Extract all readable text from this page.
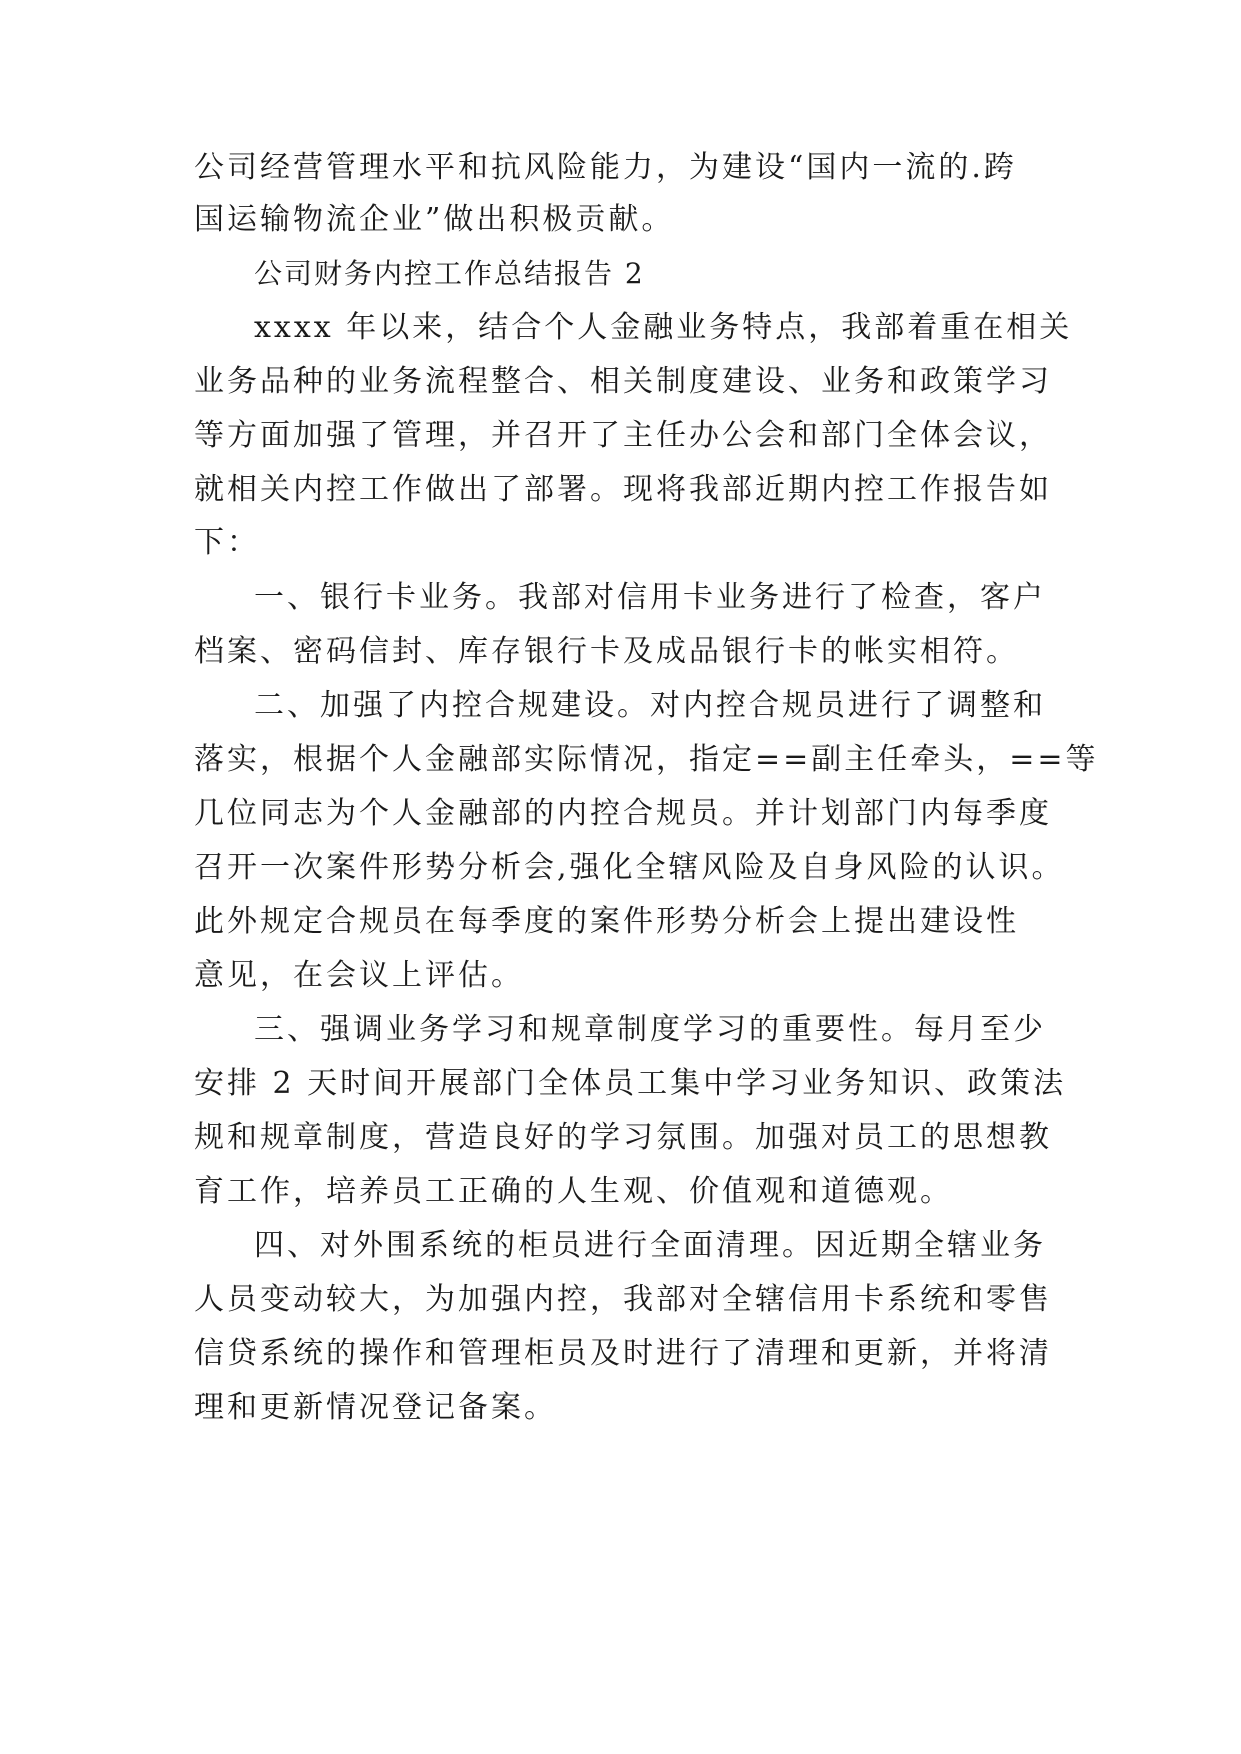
公司经营管理水平和抗风险能力，为建设“国内一流的.跨

国运输物流企业”做出积极贡献。

公司财务内控工作总结报告 2

xxxx 年以来，结合个人金融业务特点，我部着重在相关

业务品种的业务流程整合、相关制度建设、业务和政策学习

等方面加强了管理，并召开了主任办公会和部门全体会议，

就相关内控工作做出了部署。现将我部近期内控工作报告如

下：

一、银行卡业务。我部对信用卡业务进行了检查，客户

档案、密码信封、库存银行卡及成品银行卡的帐实相符。

二、加强了内控合规建设。对内控合规员进行了调整和

落实，根据个人金融部实际情况，指定==副主任牵头，==等

几位同志为个人金融部的内控合规员。并计划部门内每季度

召开一次案件形势分析会,强化全辖风险及自身风险的认识。

此外规定合规员在每季度的案件形势分析会上提出建设性

意见，在会议上评估。

三、强调业务学习和规章制度学习的重要性。每月至少

安排 2 天时间开展部门全体员工集中学习业务知识、政策法

规和规章制度，营造良好的学习氛围。加强对员工的思想教

育工作，培养员工正确的人生观、价值观和道德观。

四、对外围系统的柜员进行全面清理。因近期全辖业务

人员变动较大，为加强内控，我部对全辖信用卡系统和零售

信贷系统的操作和管理柜员及时进行了清理和更新，并将清

理和更新情况登记备案。
